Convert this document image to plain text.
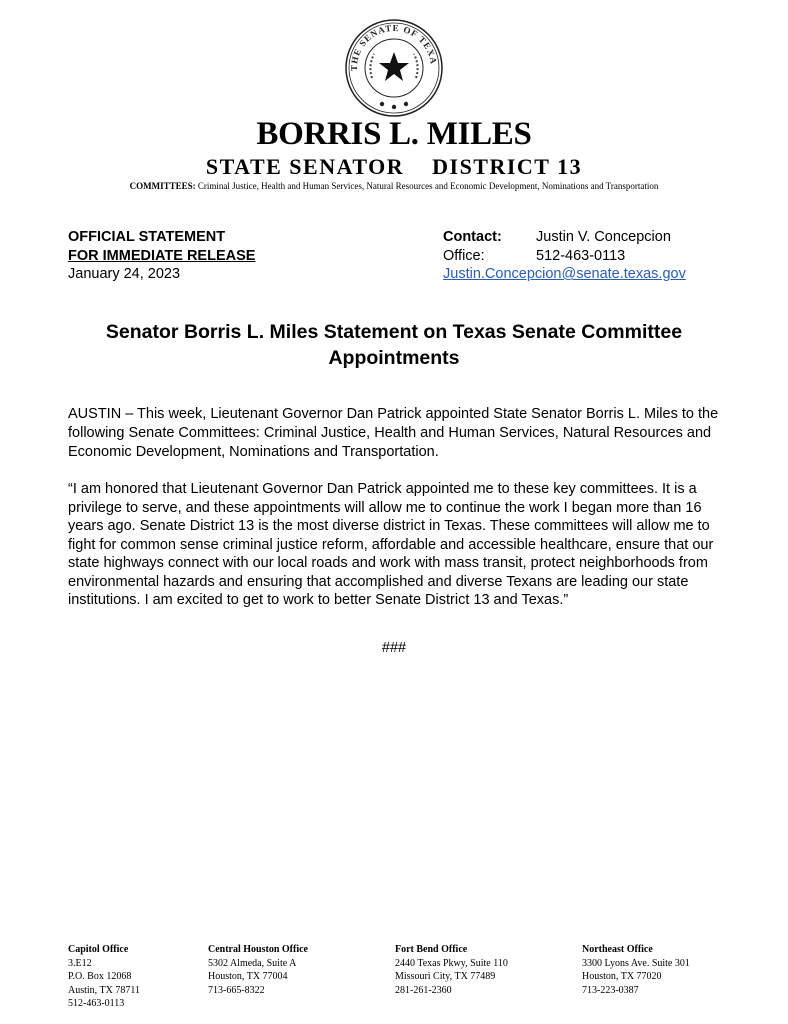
THE SENATE OF TEXA
BORRIS L. MILES
STATE SENATOR    DISTRICT 13
COMMITTEES: Criminal Justice, Health and Human Services, Natural Resources and Economic Development, Nominations and Transportation
OFFICIAL STATEMENT
FOR IMMEDIATE RELEASE
January 24, 2023
Contact:	Justin V. Concepcion
Office:	512-463-0113
Justin.Concepcion@senate.texas.gov
Senator Borris L. Miles Statement on Texas Senate Committee Appointments
AUSTIN – This week, Lieutenant Governor Dan Patrick appointed State Senator Borris L. Miles to the following Senate Committees: Criminal Justice, Health and Human Services, Natural Resources and Economic Development, Nominations and Transportation.
“I am honored that Lieutenant Governor Dan Patrick appointed me to these key committees. It is a privilege to serve, and these appointments will allow me to continue the work I began more than 16 years ago. Senate District 13 is the most diverse district in Texas. These committees will allow me to fight for common sense criminal justice reform, affordable and accessible healthcare, ensure that our state highways connect with our local roads and work with mass transit, protect neighborhoods from environmental hazards and ensuring that accomplished and diverse Texans are leading our state institutions. I am excited to get to work to better Senate District 13 and Texas.”
###
Capitol Office
3.E12
P.O. Box 12068
Austin, TX 78711
512-463-0113
Central Houston Office
5302 Almeda, Suite A
Houston, TX 77004
713-665-8322
Fort Bend Office
2440 Texas Pkwy, Suite 110
Missouri City, TX 77489
281-261-2360
Northeast Office
3300 Lyons Ave. Suite 301
Houston, TX 77020
713-223-0387
